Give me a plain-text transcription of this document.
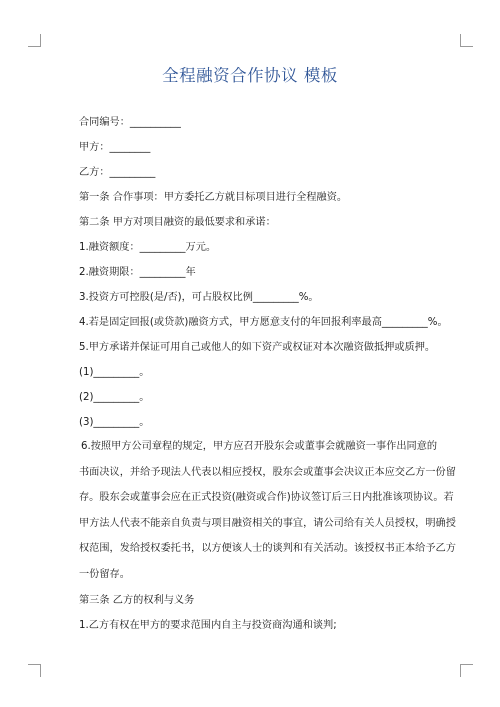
全程融资合作协议 模板
合同编号：__________
甲方：________
乙方：_________
第一条 合作事项：甲方委托乙方就目标项目进行全程融资。
第二条 甲方对项目融资的最低要求和承诺：
1.融资额度：_________万元。
2.融资期限：_________年
3.投资方可控股(是/否)，可占股权比例_________%。
4.若是固定回报(或贷款)融资方式，甲方愿意支付的年回报利率最高_________%。
5.甲方承诺并保证可用自己或他人的如下资产或权证对本次融资做抵押或质押。
(1)_________。
(2)_________。
(3)_________。
6.按照甲方公司章程的规定，甲方应召开股东会或董事会就融资一事作出同意的
书面决议，并给予现法人代表以相应授权，股东会或董事会决议正本应交乙方一份留
存。股东会或董事会应在正式投资(融资或合作)协议签订后三日内批准该项协议。若
甲方法人代表不能亲自负责与项目融资相关的事宜，请公司给有关人员授权，明确授
权范围，发给授权委托书，以方便该人士的谈判和有关活动。该授权书正本给予乙方
一份留存。
第三条 乙方的权利与义务
1.乙方有权在甲方的要求范围内自主与投资商沟通和谈判;
